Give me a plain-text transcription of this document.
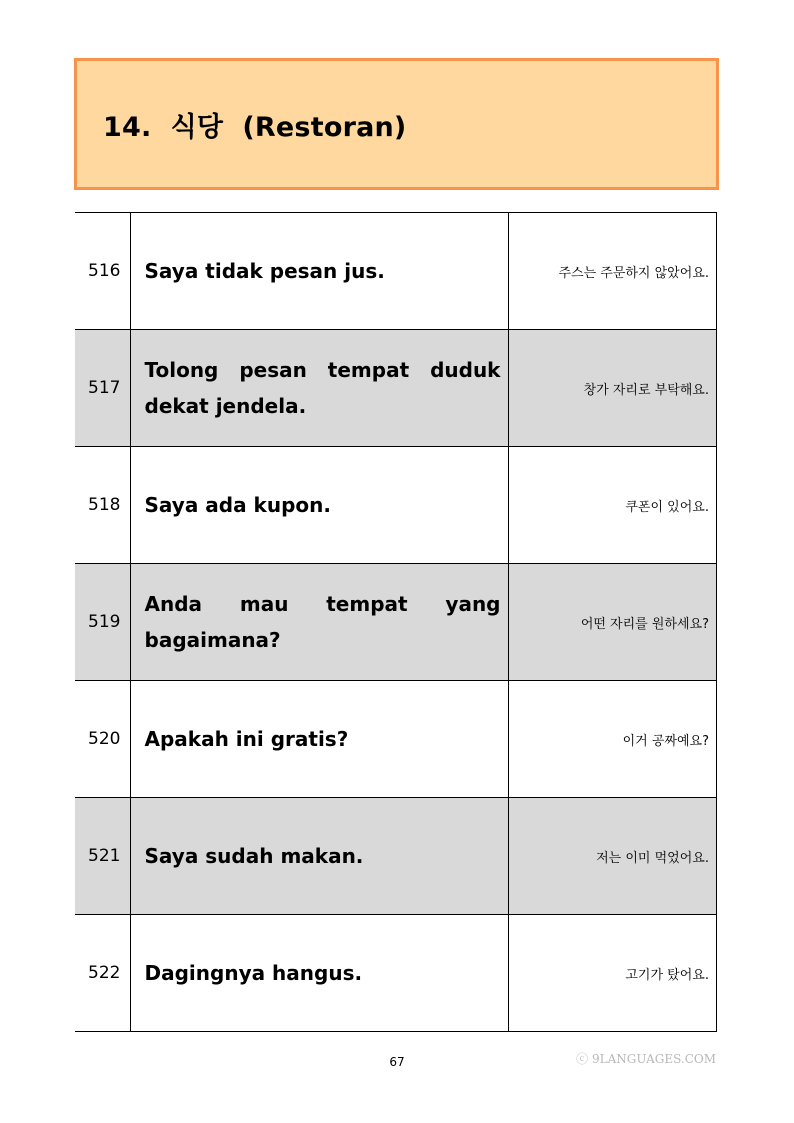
14.  식당  (Restoran)
516	Saya tidak pesan jus.	주스는 주문하지 않았어요.
517	Tolong pesan tempat duduk dekat jendela.	창가 자리로 부탁해요.
518	Saya ada kupon.	쿠폰이 있어요.
519	Anda mau tempat yang bagaimana?	어떤 자리를 원하세요?
520	Apakah ini gratis?	이거 공짜예요?
521	Saya sudah makan.	저는 이미 먹었어요.
522	Dagingnya hangus.	고기가 탔어요.
67	ⓒ 9LANGUAGES.COM
